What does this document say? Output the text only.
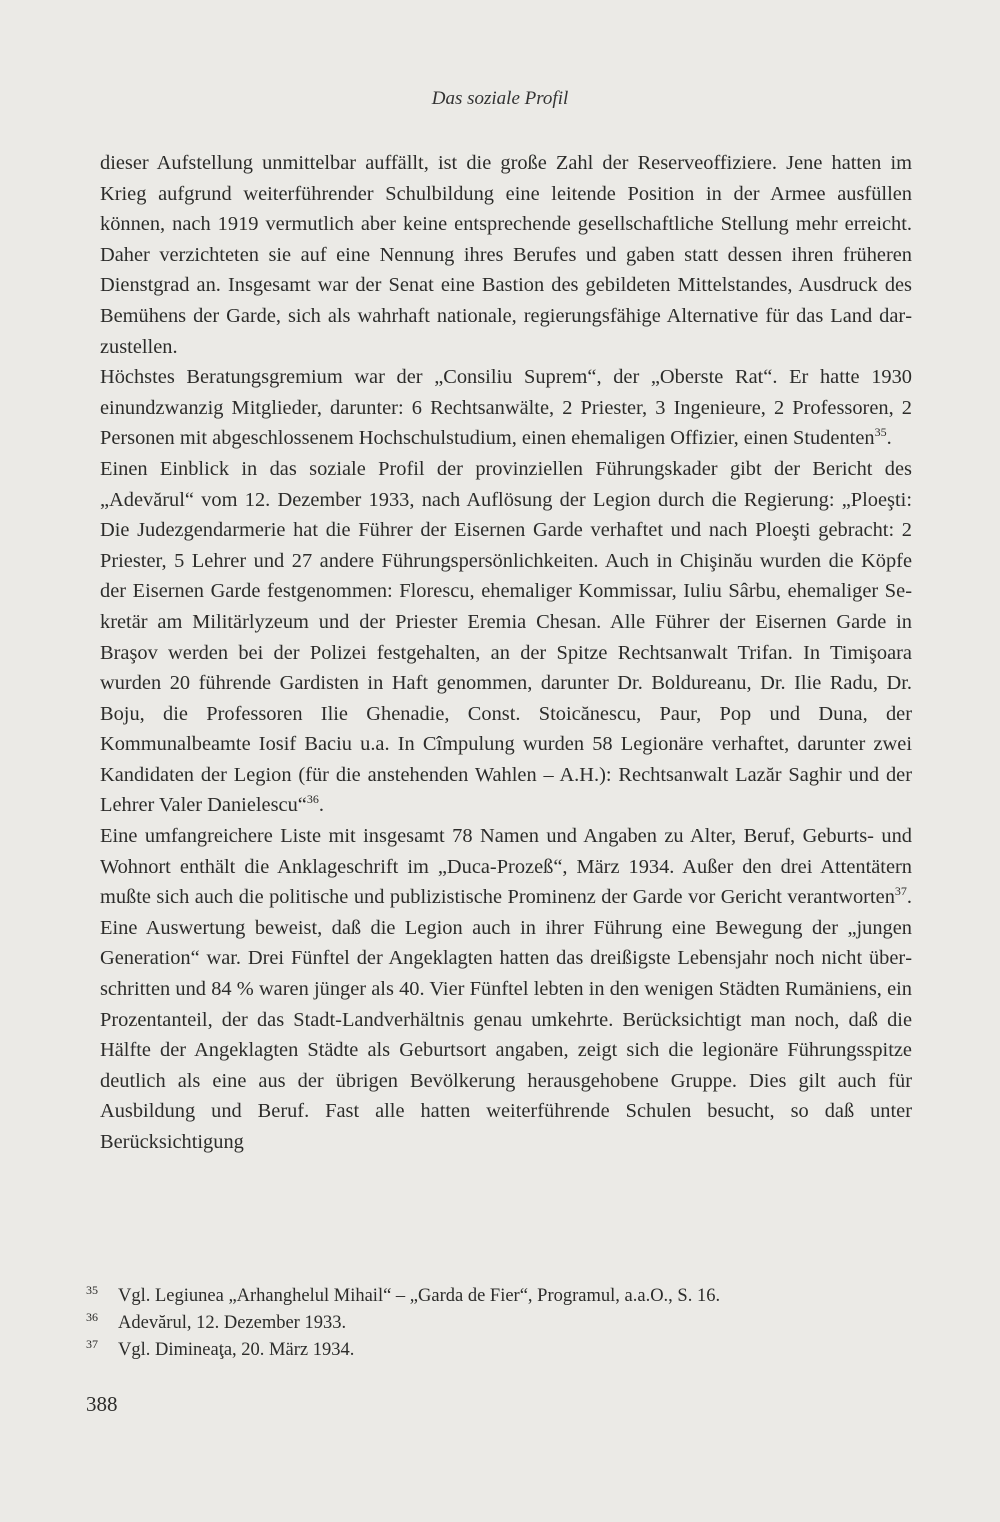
Das soziale Profil

dieser Aufstellung unmittelbar auffällt, ist die große Zahl der Reserveoffiziere. Jene hatten im Krieg aufgrund weiterführender Schulbildung eine leitende Position in der Armee ausfüllen können, nach 1919 vermutlich aber keine entsprechende gesellschaftliche Stellung mehr erreicht. Daher verzichteten sie auf eine Nennung ihres Berufes und gaben statt dessen ihren früheren Dienstgrad an. Insgesamt war der Senat eine Bastion des gebildeten Mittelstandes, Ausdruck des Bemühens der Garde, sich als wahrhaft nationale, regierungsfähige Alternative für das Land darzustellen.

Höchstes Beratungsgremium war der „Consiliu Suprem“, der „Oberste Rat“. Er hatte 1930 einundzwanzig Mitglieder, darunter: 6 Rechtsanwälte, 2 Priester, 3 Ingenieure, 2 Professoren, 2 Personen mit abgeschlossenem Hochschulstudium, einen ehemaligen Offizier, einen Studenten$^{35}$.

Einen Einblick in das soziale Profil der provinziellen Führungskader gibt der Bericht des „Adevărul“ vom 12. Dezember 1933, nach Auflösung der Legion durch die Regierung: „Ploeşti: Die Judezgendarmerie hat die Führer der Eisernen Garde verhaftet und nach Ploeşti gebracht: 2 Priester, 5 Lehrer und 27 andere Führungspersönlichkeiten. Auch in Chişinău wurden die Köpfe der Eisernen Garde festgenommen: Florescu, ehemaliger Kommissar, Iuliu Sârbu, ehemaliger Sekretär am Militärlyzeum und der Priester Eremia Chesan. Alle Führer der Eisernen Garde in Braşov werden bei der Polizei festgehalten, an der Spitze Rechtsanwalt Trifan. In Timişoara wurden 20 führende Gardisten in Haft genommen, darunter Dr. Boldureanu, Dr. Ilie Radu, Dr. Boju, die Professoren Ilie Ghenadie, Const. Stoicănescu, Paur, Pop und Duna, der Kommunalbeamte Iosif Baciu u.a. In Cîmpulung wurden 58 Legionäre verhaftet, darunter zwei Kandidaten der Legion (für die anstehenden Wahlen – A.H.): Rechtsanwalt Lazăr Saghir und der Lehrer Valer Danielescu“$^{36}$.

Eine umfangreichere Liste mit insgesamt 78 Namen und Angaben zu Alter, Beruf, Geburts- und Wohnort enthält die Anklageschrift im „Duca-Prozeß“, März 1934. Außer den drei Attentätern mußte sich auch die politische und publizistische Prominenz der Garde vor Gericht verantworten$^{37}$. Eine Auswertung beweist, daß die Legion auch in ihrer Führung eine Bewegung der „jungen Generation“ war. Drei Fünftel der Angeklagten hatten das dreißigste Lebensjahr noch nicht überschritten und 84 % waren jünger als 40. Vier Fünftel lebten in den wenigen Städten Rumäniens, ein Prozentanteil, der das Stadt-Landverhältnis genau umkehrte. Berücksichtigt man noch, daß die Hälfte der Angeklagten Städte als Geburtsort angaben, zeigt sich die legionäre Führungsspitze deutlich als eine aus der übrigen Bevölkerung herausgehobene Gruppe. Dies gilt auch für Ausbildung und Beruf. Fast alle hatten weiterführende Schulen besucht, so daß unter Berücksichtigung

35	Vgl. Legiunea „Arhanghelul Mihail“ – „Garda de Fier“, Programul, a.a.O., S. 16.
36	Adevărul, 12. Dezember 1933.
37	Vgl. Dimineaţa, 20. März 1934.
388
